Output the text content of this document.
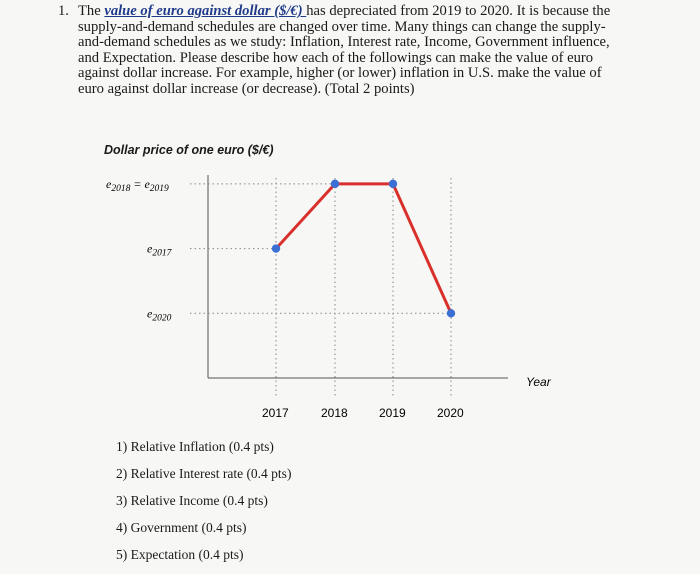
1. The value of euro against dollar ($/€) has depreciated from 2019 to 2020. It is because the supply-and-demand schedules are changed over time. Many things can change the supply-and-demand schedules as we study: Inflation, Interest rate, Income, Government influence, and Expectation. Please describe how each of the followings can make the value of euro against dollar increase. For example, higher (or lower) inflation in U.S. make the value of euro against dollar increase (or decrease). (Total 2 points)
Dollar price of one euro ($/€)
Year
$e_{2018} = e_{2019}$
$e_{2017}$
$e_{2020}$
2017	2018	2019	2020
1) Relative Inflation (0.4 pts)
2) Relative Interest rate (0.4 pts)
3) Relative Income (0.4 pts)
4) Government (0.4 pts)
5) Expectation (0.4 pts)
